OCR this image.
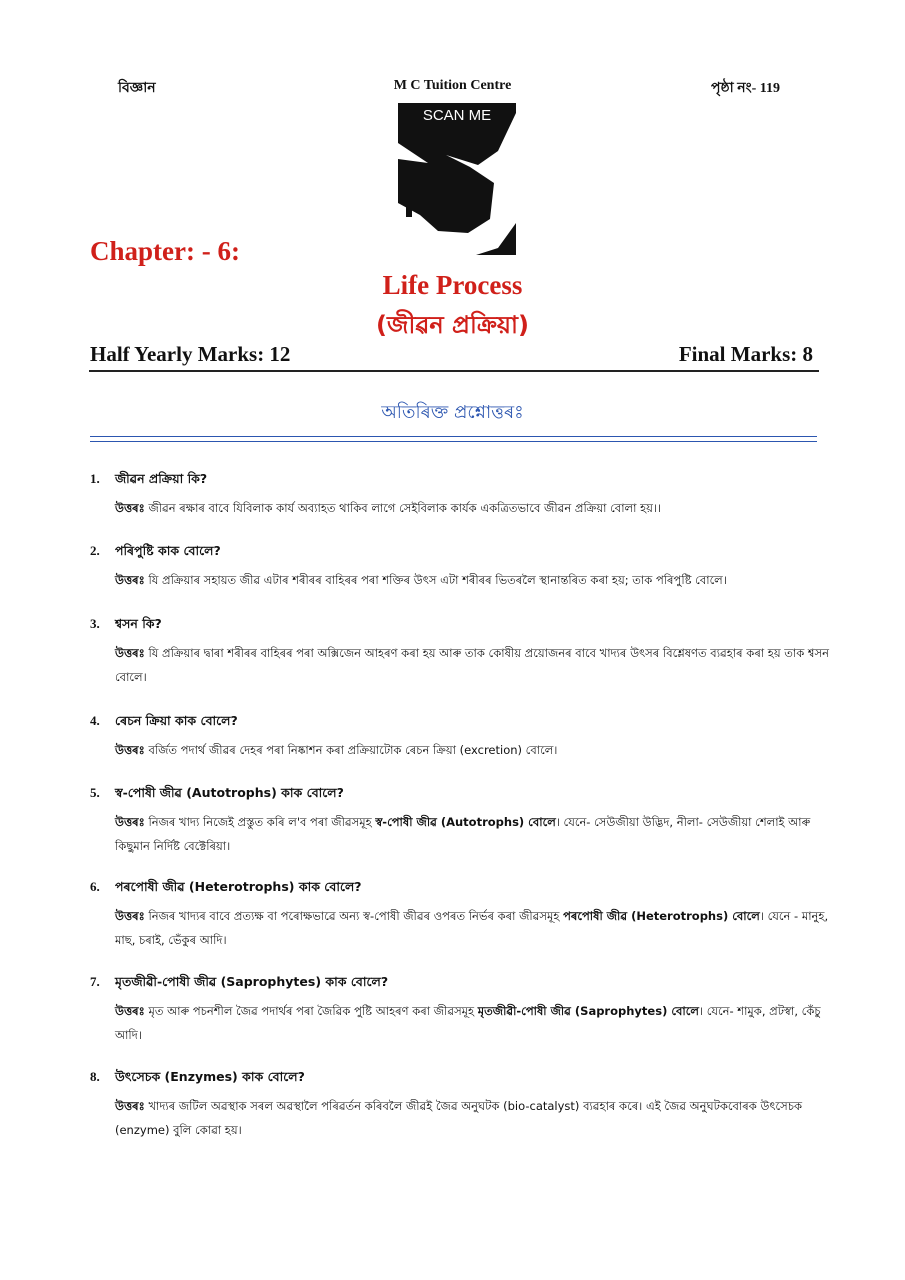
বিজ্ঞান	M C Tuition Centre	পৃষ্ঠা নং- 119
SCAN ME
Chapter: - 6:
Life Process
(জীৱন প্ৰক্ৰিয়া)
Half Yearly Marks: 12	Final Marks: 8
অতিৰিক্ত প্ৰশ্নোত্তৰঃ
1.	জীৱন প্ৰক্ৰিয়া কি?
উত্তৰঃ জীৱন ৰক্ষাৰ বাবে যিবিলাক কাৰ্য অব্যাহত থাকিব লাগে সেইবিলাক কাৰ্যক একত্ৰিতভাবে জীৱন প্ৰক্ৰিয়া বোলা হয়।।
2.	পৰিপুষ্টি কাক বোলে?
উত্তৰঃ যি প্ৰক্ৰিয়াৰ সহায়ত জীৱ এটাৰ শৰীৰৰ বাহিৰৰ পৰা শক্তিৰ উৎস এটা শৰীৰৰ ভিতৰলৈ স্থানান্তৰিত কৰা হয়; তাক পৰিপুষ্টি বোলে।
3.	শ্বসন কি?
উত্তৰঃ যি প্ৰক্ৰিয়াৰ দ্বাৰা শৰীৰৰ বাহিৰৰ পৰা অক্সিজেন আহৰণ কৰা হয় আৰু তাক কোষীয় প্ৰয়োজনৰ বাবে খাদ্যৰ উৎসৰ বিশ্লেষণত ব্যৱহাৰ কৰা হয় তাক শ্বসন বোলে।
4.	ৰেচন ক্ৰিয়া কাক বোলে?
উত্তৰঃ বৰ্জিত পদাৰ্থ জীৱৰ দেহৰ পৰা নিষ্কাশন কৰা প্ৰক্ৰিয়াটোক ৰেচন ক্ৰিয়া (excretion) বোলে।
5.	স্ব-পোষী জীৱ (Autotrophs) কাক বোলে?
উত্তৰঃ নিজৰ খাদ্য নিজেই প্ৰস্তুত কৰি ল'ব পৰা জীৱসমূহ স্ব-পোষী জীৱ (Autotrophs) বোলে। যেনে- সেউজীয়া উদ্ভিদ, নীলা- সেউজীয়া শেলাই আৰু কিছুমান নিৰ্দিষ্ট বেক্টেৰিয়া।
6.	পৰপোষী জীৱ (Heterotrophs) কাক বোলে?
উত্তৰঃ নিজৰ খাদ্যৰ বাবে প্ৰত্যক্ষ বা পৰোক্ষভাৱে অন্য স্ব-পোষী জীৱৰ ওপৰত নিৰ্ভৰ কৰা জীৱসমূহ পৰপোষী জীৱ (Heterotrophs) বোলে। যেনে - মানুহ, মাছ, চৰাই, ভেঁকুৰ আদি।
7.	মৃতজীৱী-পোষী জীৱ (Saprophytes) কাক বোলে?
উত্তৰঃ মৃত আৰু পচনশীল জৈৱ পদাৰ্থৰ পৰা জৈৱিক পুষ্টি আহৰণ কৰা জীৱসমূহ মৃতজীৱী-পোষী জীৱ (Saprophytes) বোলে। যেনে- শামুক, প্ৰটস্বা, কেঁচু আদি।
8.	উৎসেচক (Enzymes) কাক বোলে?
উত্তৰঃ খাদ্যৰ জটিল অৱস্থাক সৰল অৱস্থালৈ পৰিৱৰ্তন কৰিবলৈ জীৱই জৈৱ অনুঘটক (bio-catalyst) ব্যৱহাৰ কৰে। এই জৈৱ অনুঘটকবোৰক উৎসেচক (enzyme) বুলি কোৱা হয়।
